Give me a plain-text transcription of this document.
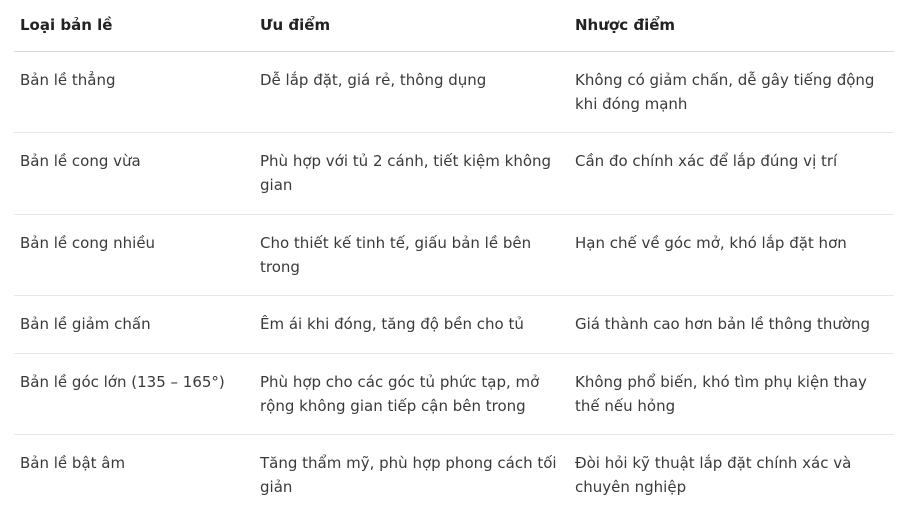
Loại bản lề	Ưu điểm	Nhược điểm
Bản lề thẳng	Dễ lắp đặt, giá rẻ, thông dụng	Không có giảm chấn, dễ gây tiếng động khi đóng mạnh
Bản lề cong vừa	Phù hợp với tủ 2 cánh, tiết kiệm không gian	Cần đo chính xác để lắp đúng vị trí
Bản lề cong nhiều	Cho thiết kế tinh tế, giấu bản lề bên trong	Hạn chế về góc mở, khó lắp đặt hơn
Bản lề giảm chấn	Êm ái khi đóng, tăng độ bền cho tủ	Giá thành cao hơn bản lề thông thường
Bản lề góc lớn (135 – 165°)	Phù hợp cho các góc tủ phức tạp, mở rộng không gian tiếp cận bên trong	Không phổ biến, khó tìm phụ kiện thay thế nếu hỏng
Bản lề bật âm	Tăng thẩm mỹ, phù hợp phong cách tối giản	Đòi hỏi kỹ thuật lắp đặt chính xác và chuyên nghiệp
